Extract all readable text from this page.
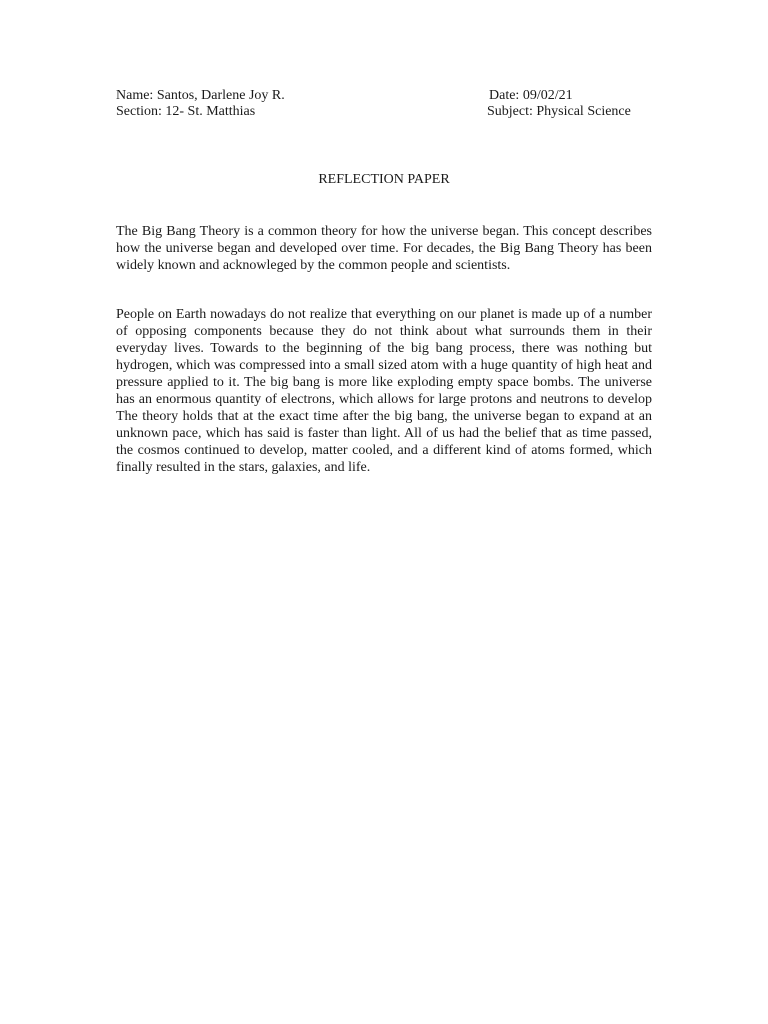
Name: Santos, Darlene Joy R.	Date: 09/02/21
Section: 12- St. Matthias	Subject: Physical Science
REFLECTION PAPER

The Big Bang Theory is a common theory for how the universe began. This concept describes how the universe began and developed over time. For decades, the Big Bang Theory has been widely known and acknowleged by the common people and scientists.

People on Earth nowadays do not realize that everything on our planet is made up of a number of opposing components because they do not think about what surrounds them in their everyday lives. Towards to the beginning of the big bang process, there was nothing but hydrogen, which was compressed into a small sized atom with a huge quantity of high heat and pressure applied to it. The big bang is more like exploding empty space bombs. The universe has an enormous quantity of electrons, which allows for large protons and neutrons to develop The theory holds that at the exact time after the big bang, the universe began to expand at an unknown pace, which has said is faster than light. All of us had the belief that as time passed, the cosmos continued to develop, matter cooled, and a different kind of atoms formed, which finally resulted in the stars, galaxies, and life.
